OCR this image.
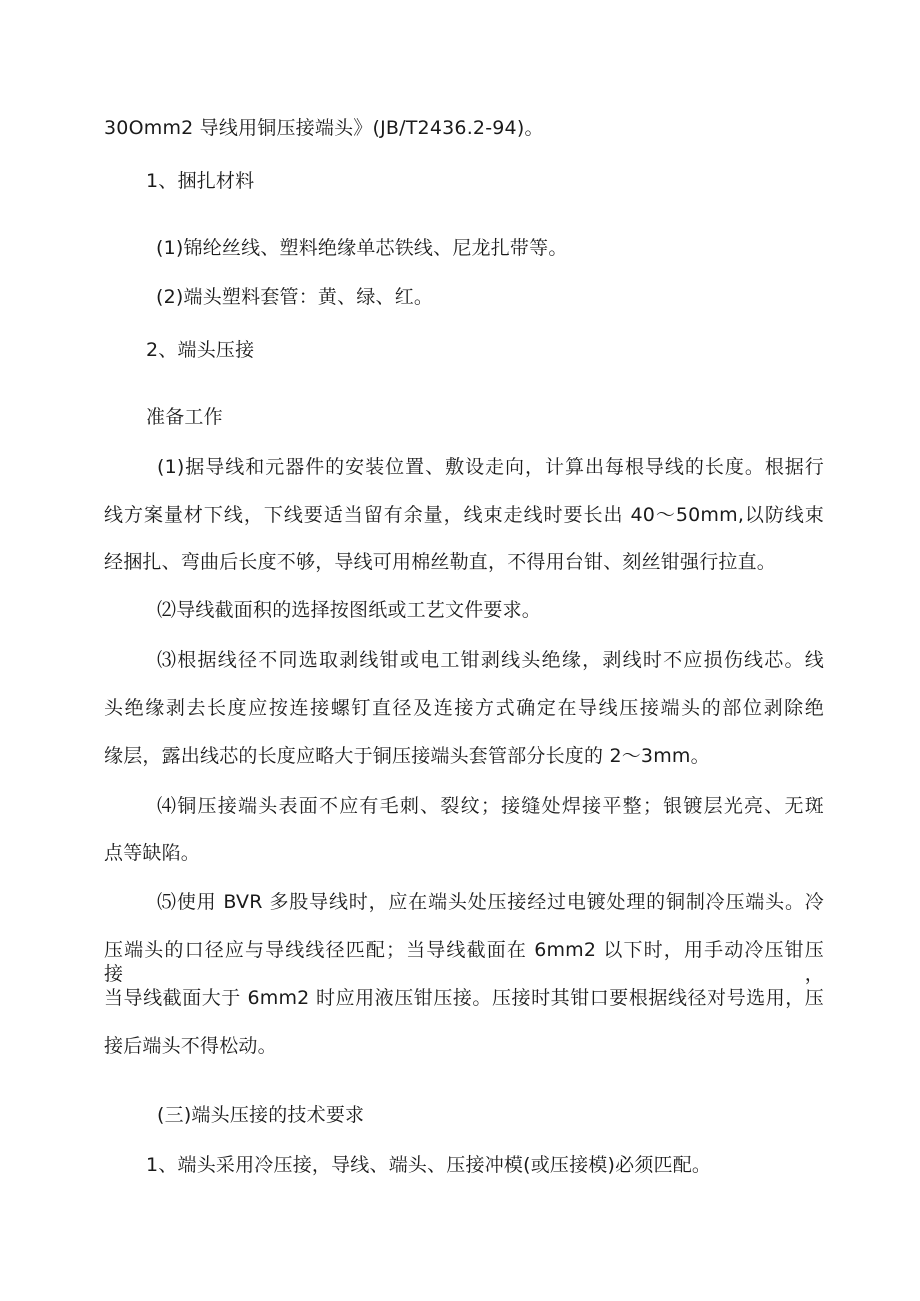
30Omm2 导线用铜压接端头》(JB∕T2436.2-94)。
1、捆扎材料
(1)锦纶丝线、塑料绝缘单芯铁线、尼龙扎带等。
(2)端头塑料套管：黄、绿、红。
2、端头压接
准备工作
(1)据导线和元器件的安装位置、敷设走向，计算出每根导线的长度。根据行
线方案量材下线，下线要适当留有余量，线束走线时要长出 40～50mm,以防线束
经捆扎、弯曲后长度不够，导线可用棉丝勒直，不得用台钳、刻丝钳强行拉直。
⑵导线截面积的选择按图纸或工艺文件要求。
⑶根据线径不同选取剥线钳或电工钳剥线头绝缘，剥线时不应损伤线芯。线
头绝缘剥去长度应按连接螺钉直径及连接方式确定在导线压接端头的部位剥除绝
缘层，露出线芯的长度应略大于铜压接端头套管部分长度的 2～3mm。
⑷铜压接端头表面不应有毛刺、裂纹；接缝处焊接平整；银镀层光亮、无斑
点等缺陷。
⑸使用 BVR 多股导线时，应在端头处压接经过电镀处理的铜制冷压端头。冷
压端头的口径应与导线线径匹配；当导线截面在 6mm2 以下时，用手动冷压钳压接，
当导线截面大于 6mm2 时应用液压钳压接。压接时其钳口要根据线径对号选用，压
接后端头不得松动。
(三)端头压接的技术要求
1、端头采用冷压接，导线、端头、压接冲模(或压接模)必须匹配。
